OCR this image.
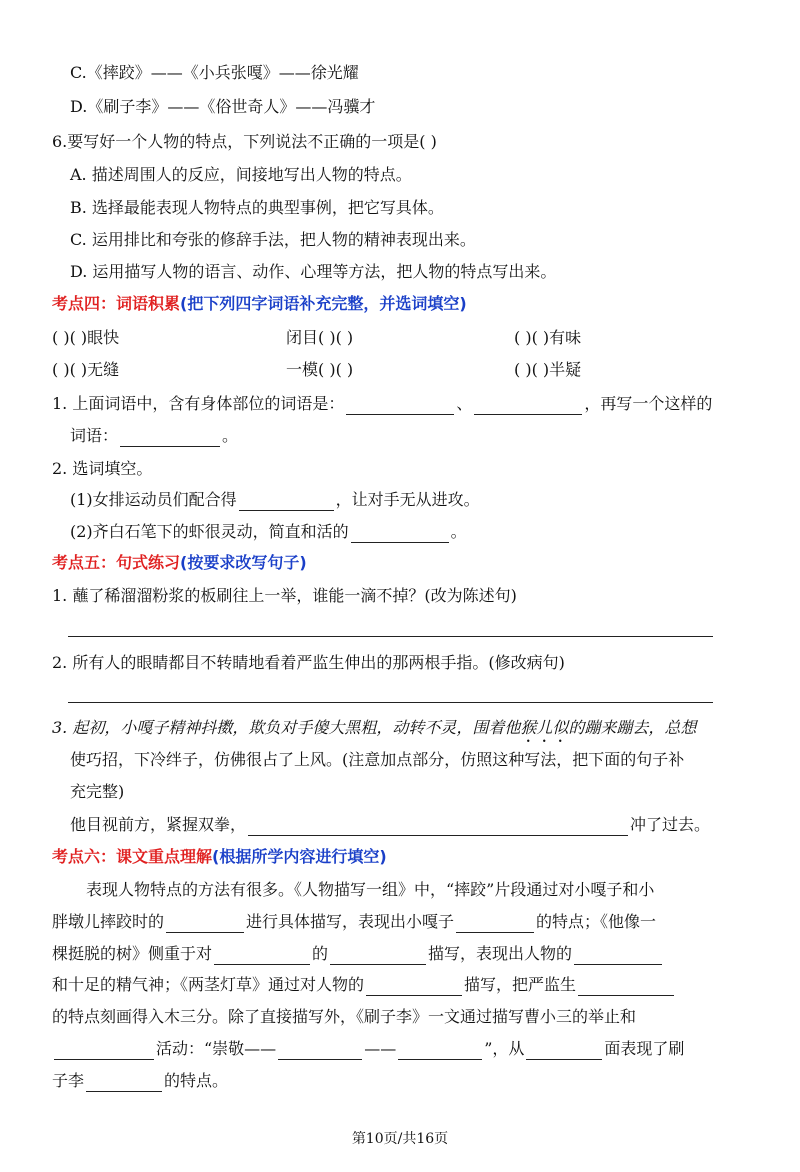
C.《摔跤》——《小兵张嘎》——徐光耀
D.《刷子李》——《俗世奇人》——冯骥才
6.要写好一个人物的特点，下列说法不正确的一项是( )
A. 描述周围人的反应，间接地写出人物的特点。
B. 选择最能表现人物特点的典型事例，把它写具体。
C. 运用排比和夸张的修辞手法，把人物的精神表现出来。
D. 运用描写人物的语言、动作、心理等方法，把人物的特点写出来。
考点四：词语积累(把下列四字词语补充完整，并选词填空)
( )( )眼快	闭目( )( )	( )( )有味
( )( )无缝	一模( )( )	( )( )半疑
1. 上面词语中，含有身体部位的词语是：	、	，再写一个这样的
词语：	。
2. 选词填空。
(1)女排运动员们配合得	，让对手无从进攻。
(2)齐白石笔下的虾很灵动，简直和活的	。
考点五：句式练习(按要求改写句子)
1. 蘸了稀溜溜粉浆的板刷往上一举，谁能一滴不掉？(改为陈述句)
2. 所有人的眼睛都目不转睛地看着严监生伸出的那两根手指。(修改病句)
3. 起初，小嘎子精神抖擞，欺负对手傻大黑粗，动转不灵，围着他猴儿似的蹦来蹦去，总想
使巧招，下冷绊子，仿佛很占了上风。(注意加点部分，仿照这种写法，把下面的句子补
充完整)
他目视前方，紧握双拳，	冲了过去。
考点六：课文重点理解(根据所学内容进行填空)
表现人物特点的方法有很多。《人物描写一组》中，“摔跤”片段通过对小嘎子和小
胖墩儿摔跤时的	进行具体描写，表现出小嘎子	的特点；《他像一
棵挺脱的树》侧重于对	的	描写，表现出人物的
和十足的精气神；《两茎灯草》通过对人物的	描写，把严监生
的特点刻画得入木三分。除了直接描写外，《刷子李》一文通过描写曹小三的举止和
活动：“崇敬——	——	”，从	面表现了刷
子李	的特点。
第10页/共16页
